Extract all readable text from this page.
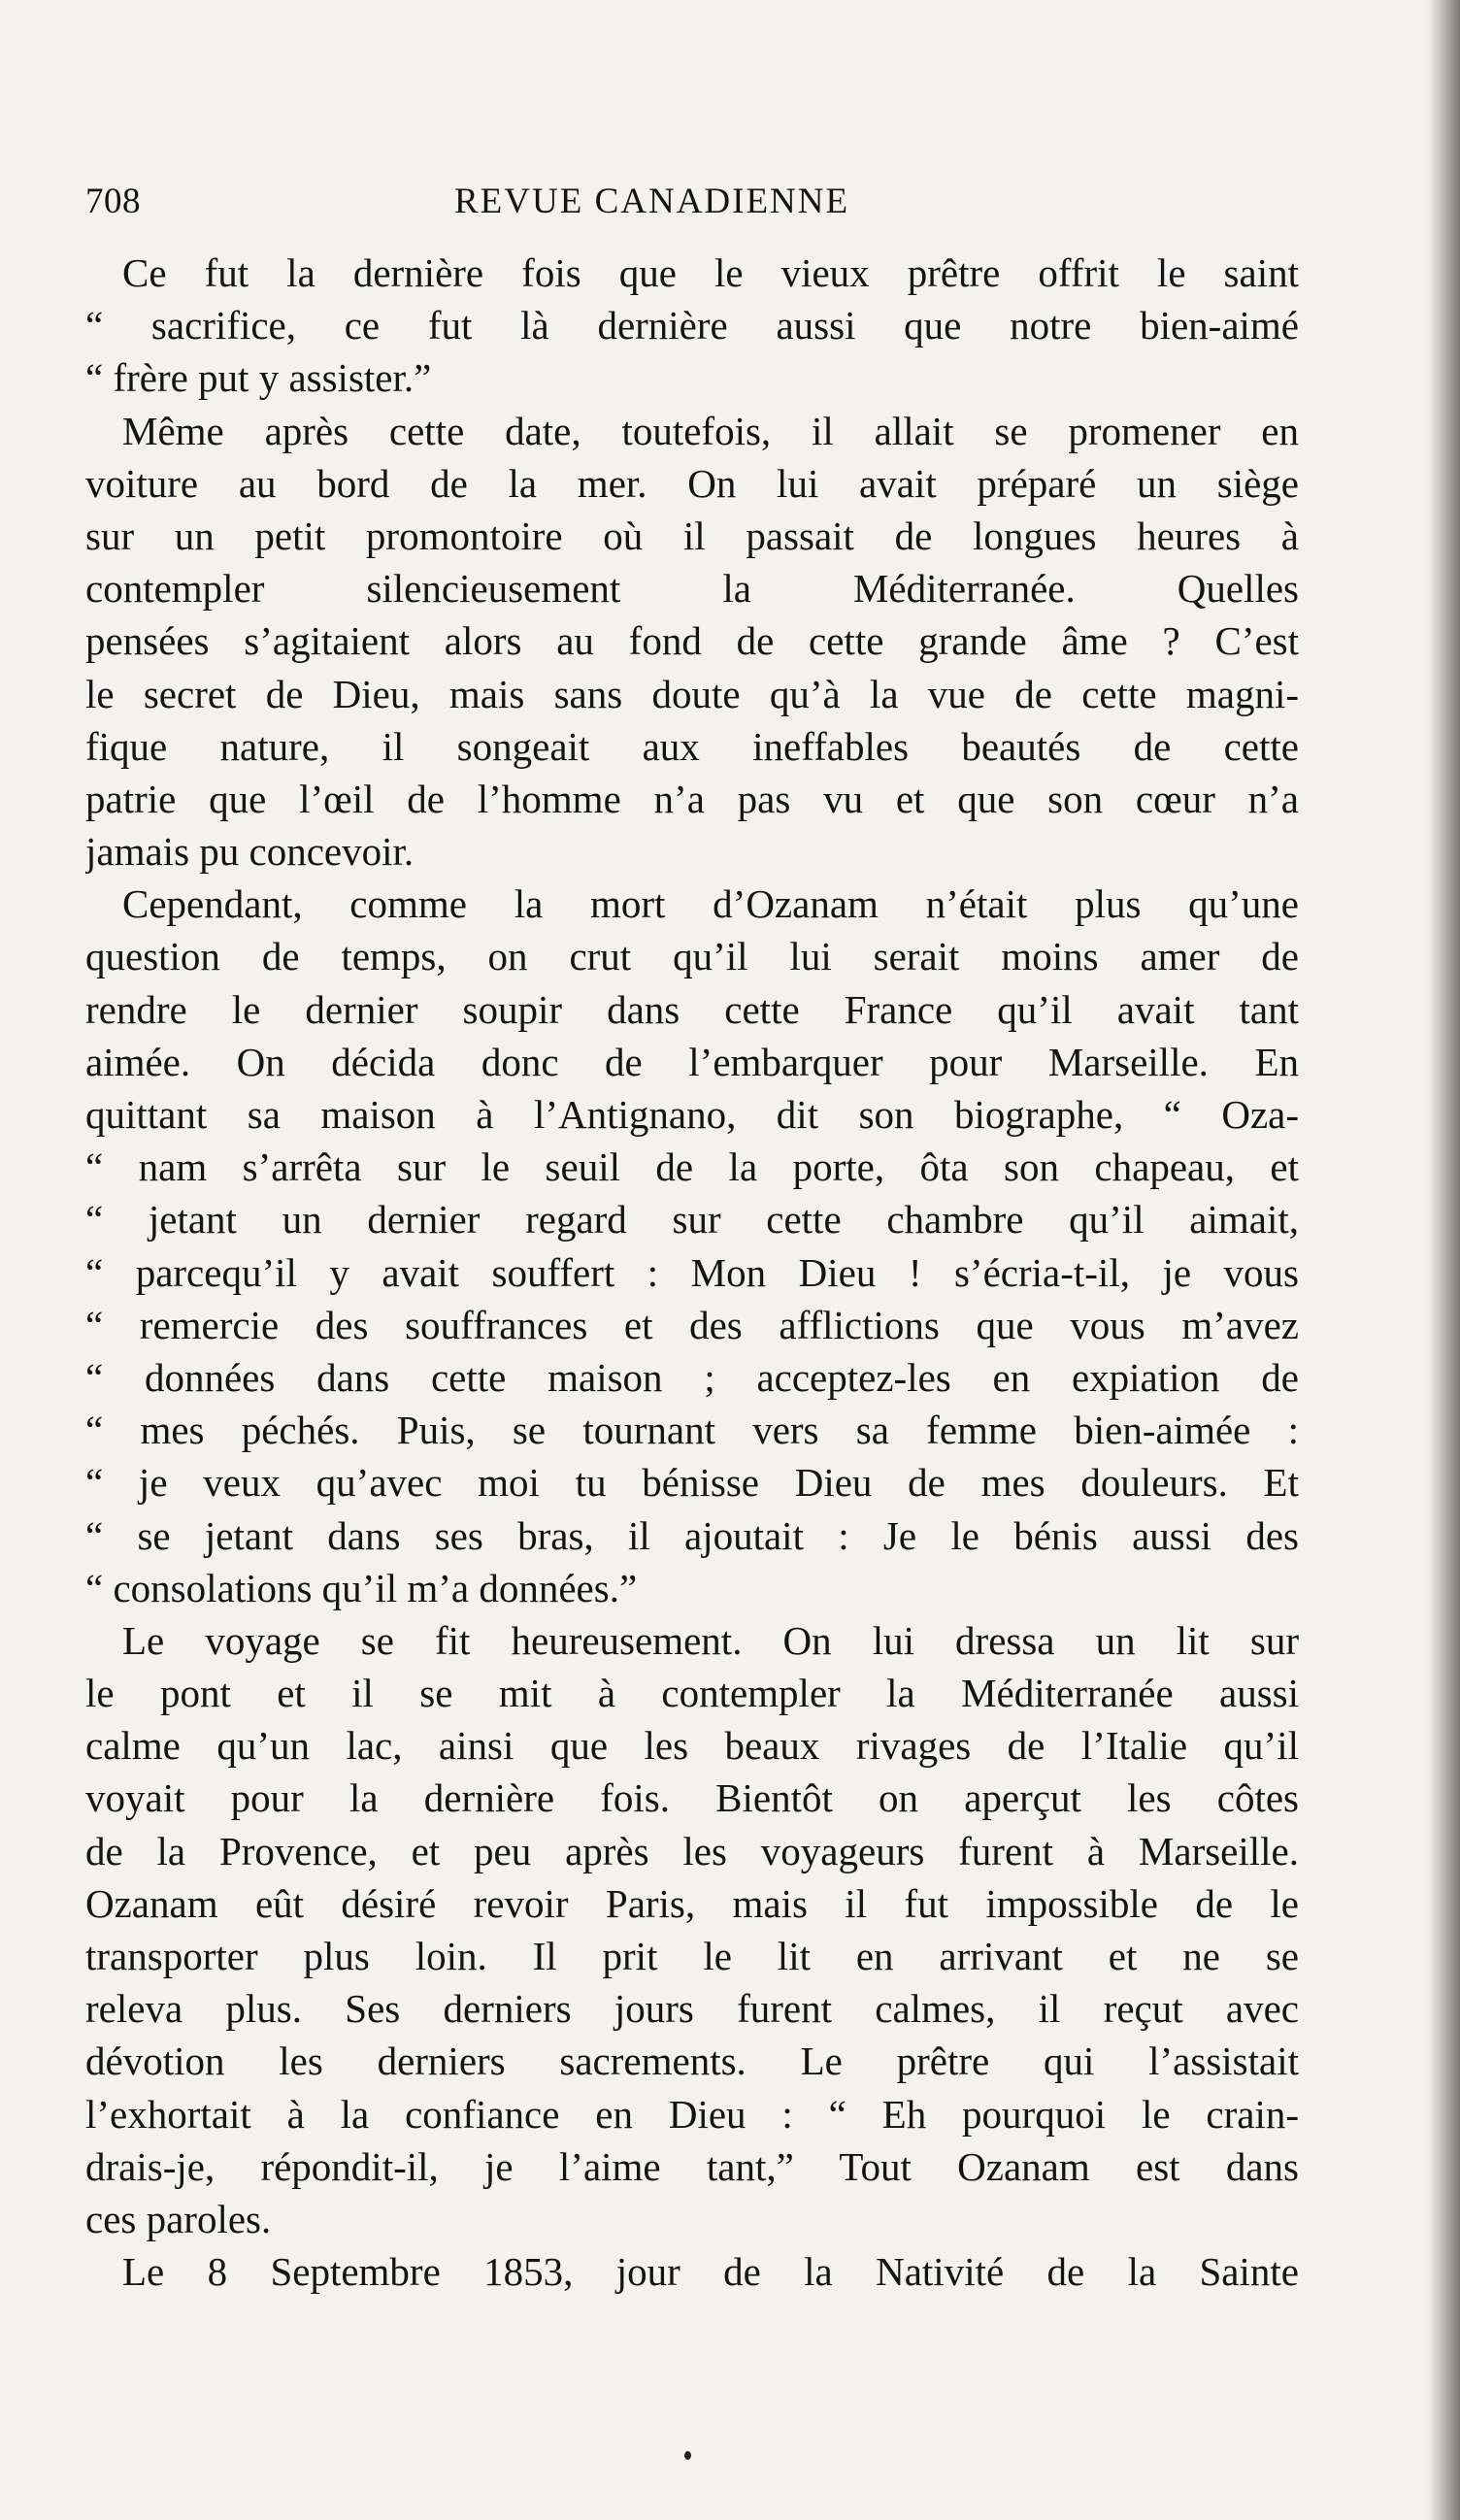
708	REVUE CANADIENNE
Ce fut la dernière fois que le vieux prêtre offrit le saint
“ sacrifice, ce fut là dernière aussi que notre bien-aimé
“ frère put y assister.”
Même après cette date, toutefois, il allait se promener en
voiture au bord de la mer. On lui avait préparé un siège
sur un petit promontoire où il passait de longues heures à
contempler silencieusement la Méditerranée. Quelles
pensées s’agitaient alors au fond de cette grande âme ? C’est
le secret de Dieu, mais sans doute qu’à la vue de cette magni-
fique nature, il songeait aux ineffables beautés de cette
patrie que l’œil de l’homme n’a pas vu et que son cœur n’a
jamais pu concevoir.
Cependant, comme la mort d’Ozanam n’était plus qu’une
question de temps, on crut qu’il lui serait moins amer de
rendre le dernier soupir dans cette France qu’il avait tant
aimée. On décida donc de l’embarquer pour Marseille. En
quittant sa maison à l’Antignano, dit son biographe, “ Oza-
“ nam s’arrêta sur le seuil de la porte, ôta son chapeau, et
“ jetant un dernier regard sur cette chambre qu’il aimait,
“ parcequ’il y avait souffert : Mon Dieu ! s’écria-t-il, je vous
“ remercie des souffrances et des afflictions que vous m’avez
“ données dans cette maison ; acceptez-les en expiation de
“ mes péchés. Puis, se tournant vers sa femme bien-aimée :
“ je veux qu’avec moi tu bénisse Dieu de mes douleurs. Et
“ se jetant dans ses bras, il ajoutait : Je le bénis aussi des
“ consolations qu’il m’a données.”
Le voyage se fit heureusement. On lui dressa un lit sur
le pont et il se mit à contempler la Méditerranée aussi
calme qu’un lac, ainsi que les beaux rivages de l’Italie qu’il
voyait pour la dernière fois. Bientôt on aperçut les côtes
de la Provence, et peu après les voyageurs furent à Marseille.
Ozanam eût désiré revoir Paris, mais il fut impossible de le
transporter plus loin. Il prit le lit en arrivant et ne se
releva plus. Ses derniers jours furent calmes, il reçut avec
dévotion les derniers sacrements. Le prêtre qui l’assistait
l’exhortait à la confiance en Dieu : “ Eh pourquoi le crain-
drais-je, répondit-il, je l’aime tant,” Tout Ozanam est dans
ces paroles.
Le 8 Septembre 1853, jour de la Nativité de la Sainte
